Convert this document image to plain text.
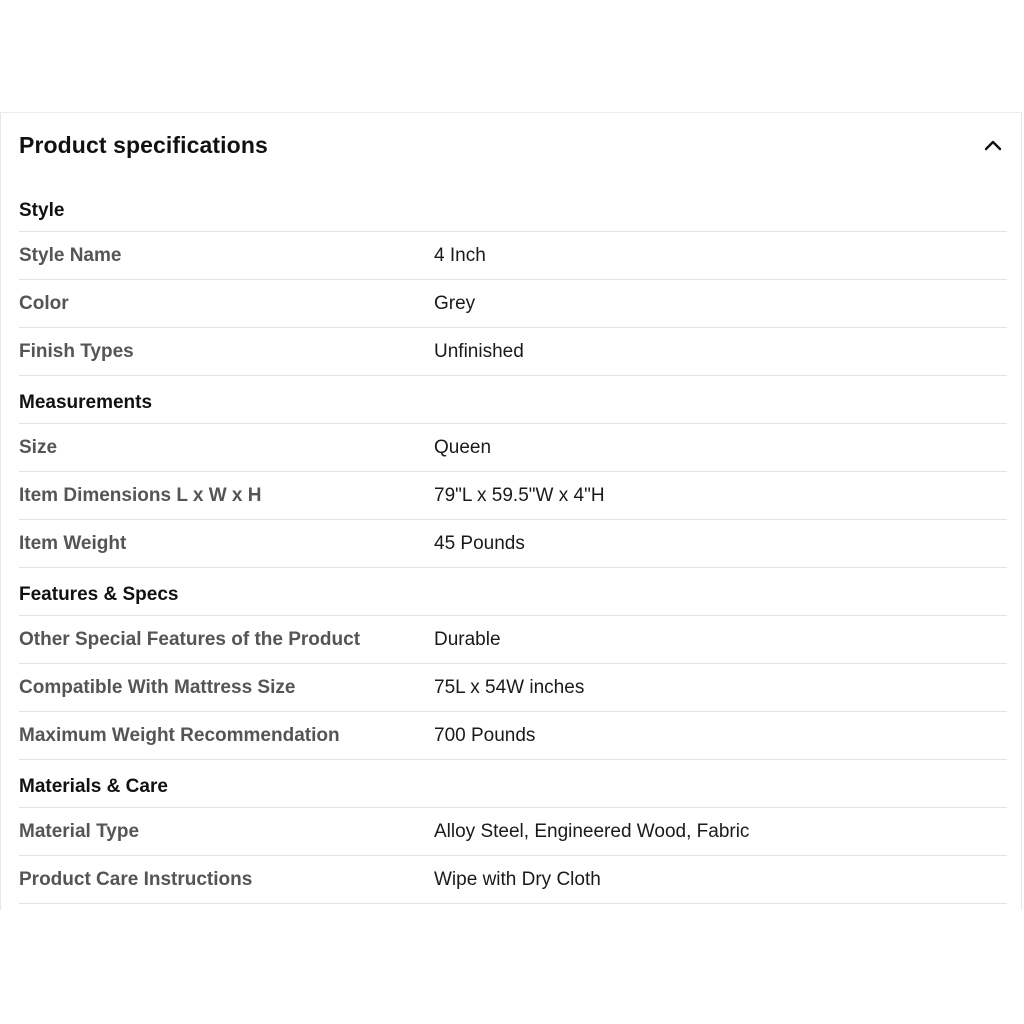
Product specifications
Style
Style Name	4 Inch
Color	Grey
Finish Types	Unfinished
Measurements
Size	Queen
Item Dimensions L x W x H	79"L x 59.5"W x 4"H
Item Weight	45 Pounds
Features & Specs
Other Special Features of the Product	Durable
Compatible With Mattress Size	75L x 54W inches
Maximum Weight Recommendation	700 Pounds
Materials & Care
Material Type	Alloy Steel, Engineered Wood, Fabric
Product Care Instructions	Wipe with Dry Cloth
